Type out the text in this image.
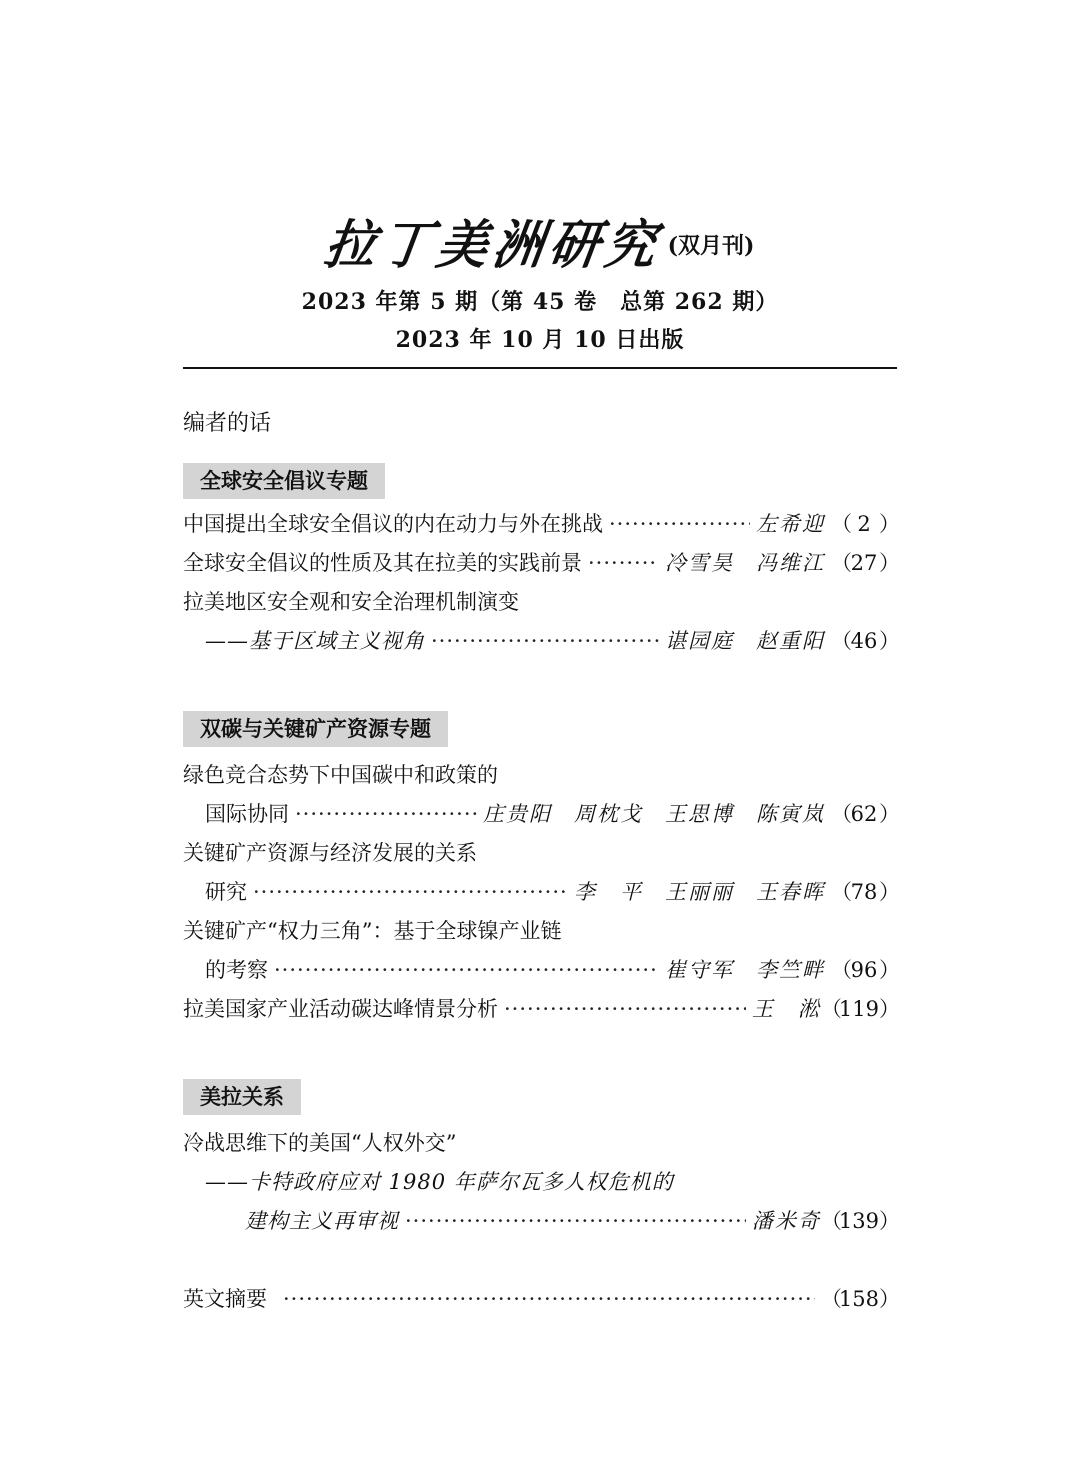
拉丁美洲研究(双月刊)
2023 年第 5 期（第 45 卷　总第 262 期）
2023 年 10 月 10 日出版
编者的话
全球安全倡议专题
中国提出全球安全倡议的内在动力与外在挑战 ·····	左希迎 （ 2 ）
全球安全倡议的性质及其在拉美的实践前景 ·····	冷雪昊 冯维江 （27）
拉美地区安全观和安全治理机制演变
——基于区域主义视角 ·····	谌园庭 赵重阳 （46）
双碳与关键矿产资源专题
绿色竞合态势下中国碳中和政策的
国际协同 ·····	庄贵阳 周枕戈 王思博 陈寅岚 （62）
关键矿产资源与经济发展的关系
研究 ·····	李　平 王丽丽 王春晖 （78）
关键矿产“权力三角”：基于全球镍产业链
的考察 ·····	崔守军 李竺畔 （96）
拉美国家产业活动碳达峰情景分析 ·····	王　淞 （119）
美拉关系
冷战思维下的美国“人权外交”
——卡特政府应对 1980 年萨尔瓦多人权危机的
建构主义再审视 ·····	潘米奇 （139）
英文摘要 ·····	（158）
